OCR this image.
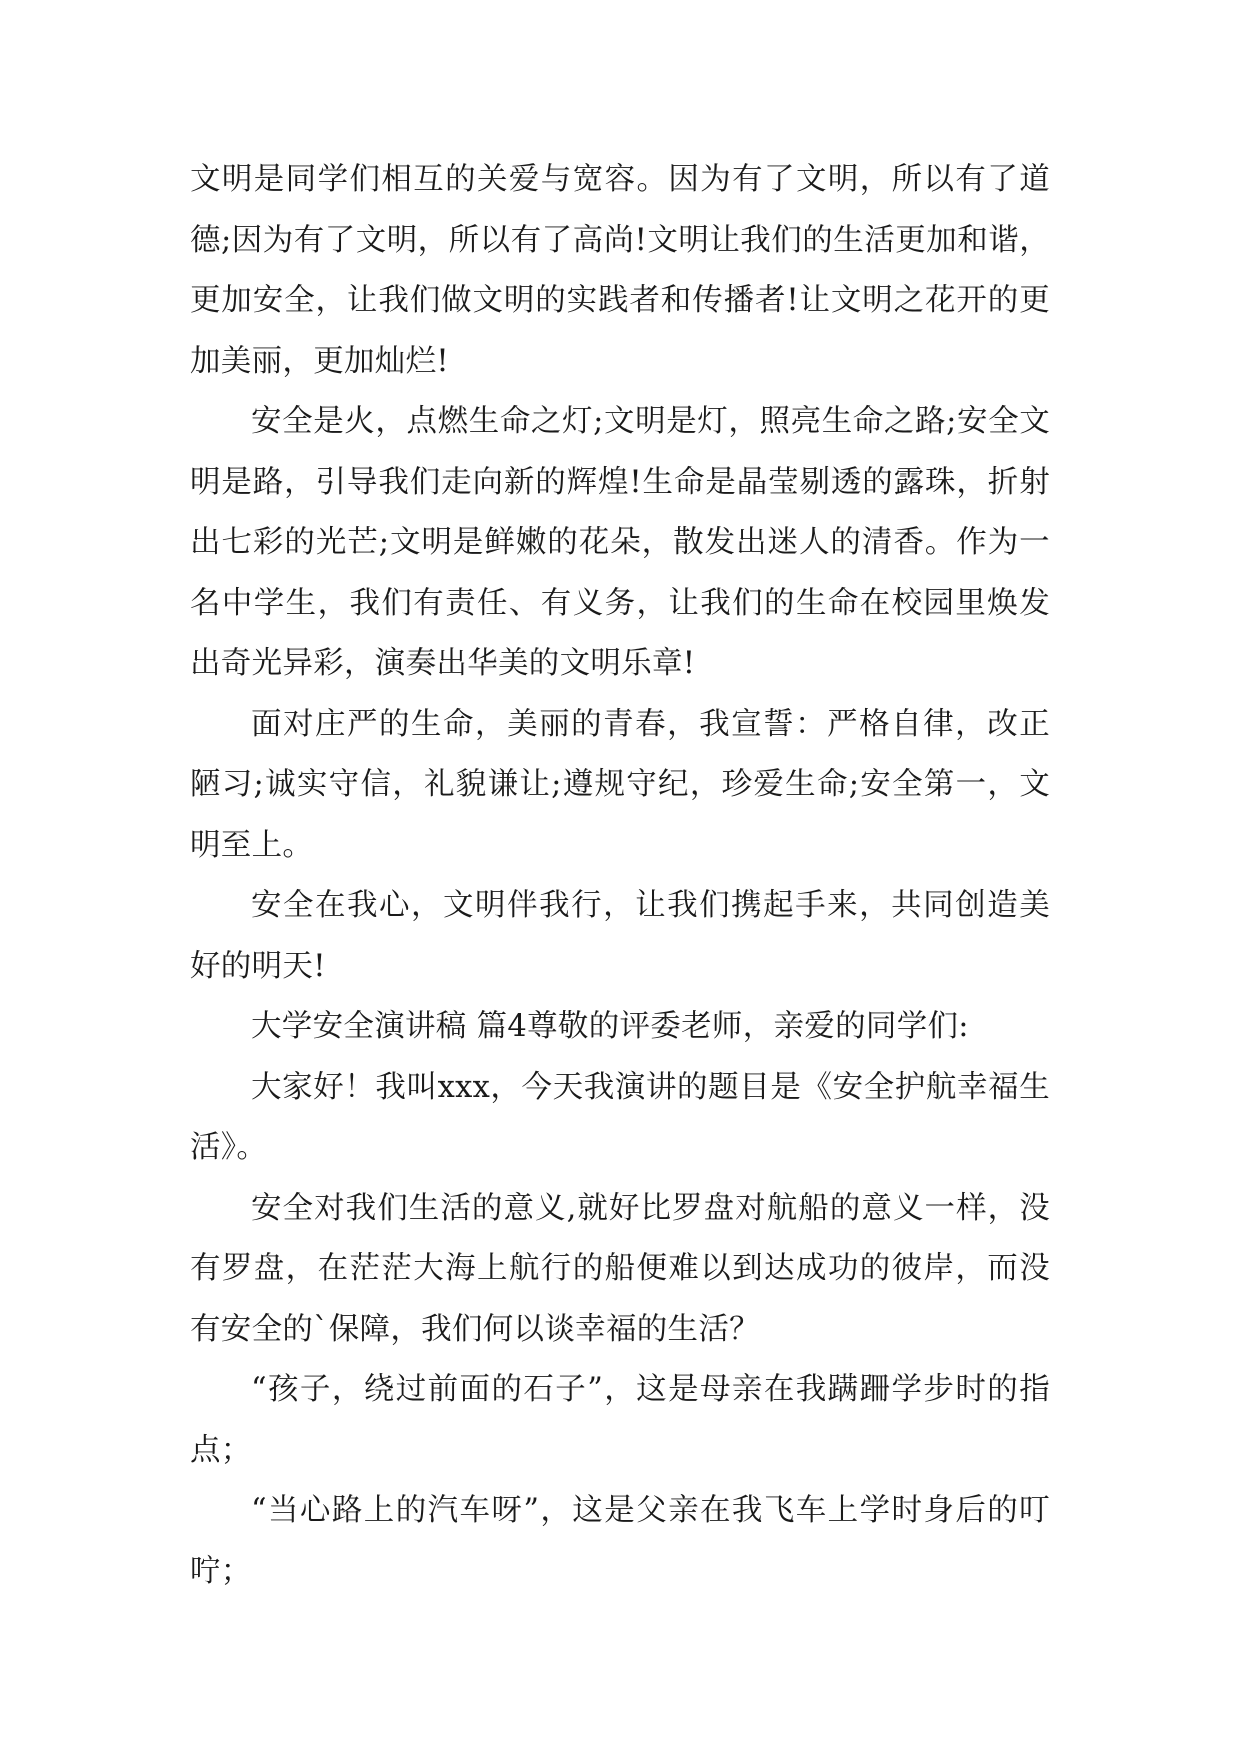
文明是同学们相互的关爱与宽容。因为有了文明，所以有了道德;因为有了文明，所以有了高尚!文明让我们的生活更加和谐，更加安全，让我们做文明的实践者和传播者!让文明之花开的更加美丽，更加灿烂!

安全是火，点燃生命之灯;文明是灯，照亮生命之路;安全文明是路，引导我们走向新的辉煌!生命是晶莹剔透的露珠，折射出七彩的光芒;文明是鲜嫩的花朵，散发出迷人的清香。作为一名中学生，我们有责任、有义务，让我们的生命在校园里焕发出奇光异彩，演奏出华美的文明乐章!

面对庄严的生命，美丽的青春，我宣誓：严格自律，改正陋习;诚实守信，礼貌谦让;遵规守纪，珍爱生命;安全第一，文明至上。

安全在我心，文明伴我行，让我们携起手来，共同创造美好的明天!

大学安全演讲稿 篇4尊敬的评委老师，亲爱的同学们:

大家好！我叫xxx，今天我演讲的题目是《安全护航幸福生活》。

安全对我们生活的意义,就好比罗盘对航船的意义一样，没有罗盘，在茫茫大海上航行的船便难以到达成功的彼岸，而没有安全的`保障，我们何以谈幸福的生活？

“孩子，绕过前面的石子”，这是母亲在我蹒跚学步时的指点；

“当心路上的汽车呀”，这是父亲在我飞车上学时身后的叮咛；
